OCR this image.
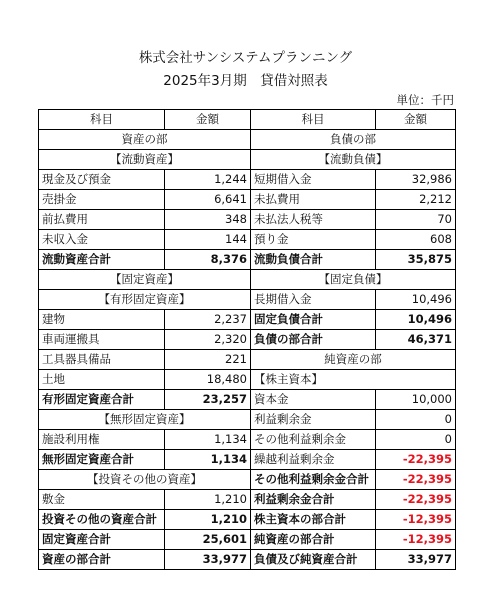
株式会社サンシステムプランニング
2025年3月期　貸借対照表
単位：千円
科目	金額	科目	金額
資産の部		負債の部	
【流動資産】		【流動負債】	
現金及び預金	1,244	短期借入金	32,986
売掛金	6,641	未払費用	2,212
前払費用	348	未払法人税等	70
未収入金	144	預り金	608
流動資産合計	8,376	流動負債合計	35,875
【固定資産】		【固定負債】	
【有形固定資産】		長期借入金	10,496
建物	2,237	固定負債合計	10,496
車両運搬具	2,320	負債の部合計	46,371
工具器具備品	221	純資産の部	
土地	18,480	【株主資本】	
有形固定資産合計	23,257	資本金	10,000
【無形固定資産】		利益剰余金	0
施設利用権	1,134	その他利益剰余金	0
無形固定資産合計	1,134	繰越利益剰余金	-22,395
【投資その他の資産】		その他利益剰余金合計	-22,395
敷金	1,210	利益剰余金合計	-22,395
投資その他の資産合計	1,210	株主資本の部合計	-12,395
固定資産合計	25,601	純資産の部合計	-12,395
資産の部合計	33,977	負債及び純資産合計	33,977
